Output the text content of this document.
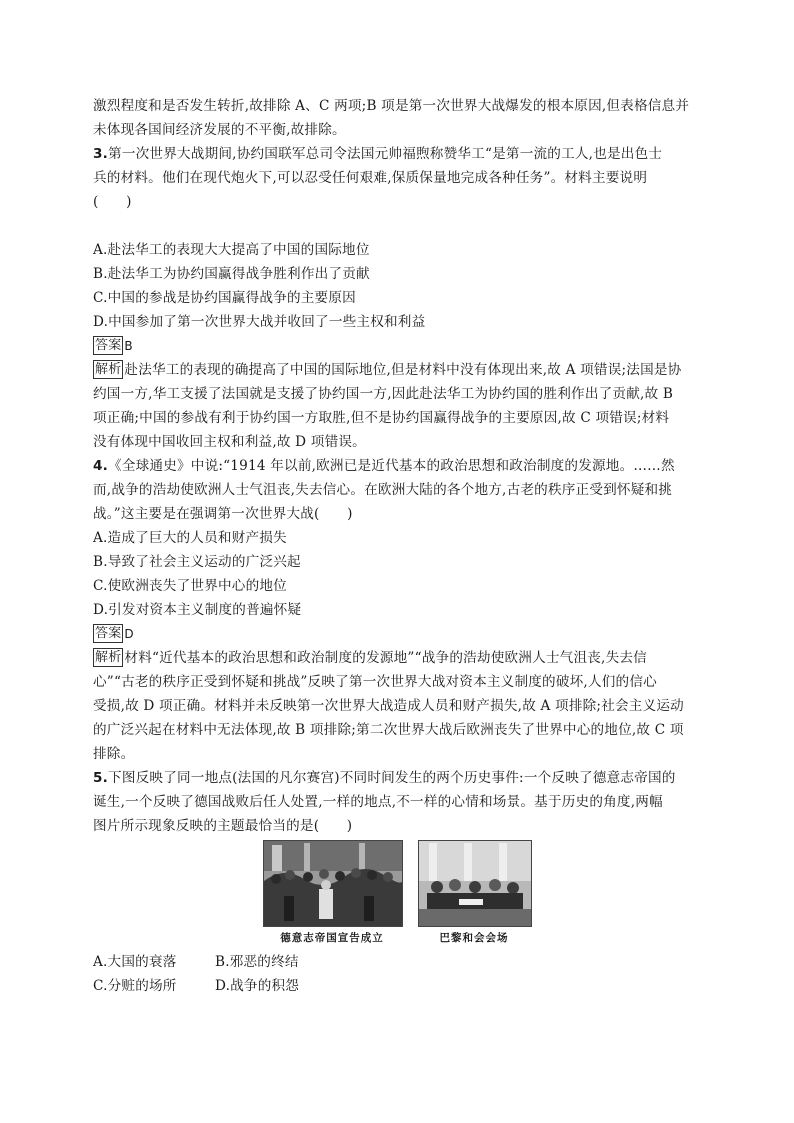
激烈程度和是否发生转折,故排除 A、C 两项;B 项是第一次世界大战爆发的根本原因,但表格信息并
未体现各国间经济发展的不平衡,故排除。
3.第一次世界大战期间,协约国联军总司令法国元帅福煦称赞华工“是第一流的工人,也是出色士
兵的材料。他们在现代炮火下,可以忍受任何艰难,保质保量地完成各种任务”。材料主要说明
(　　)
A.赴法华工的表现大大提高了中国的国际地位
B.赴法华工为协约国赢得战争胜利作出了贡献
C.中国的参战是协约国赢得战争的主要原因
D.中国参加了第一次世界大战并收回了一些主权和利益
答案 B
解析 赴法华工的表现的确提高了中国的国际地位,但是材料中没有体现出来,故 A 项错误;法国是协
约国一方,华工支援了法国就是支援了协约国一方,因此赴法华工为协约国的胜利作出了贡献,故 B
项正确;中国的参战有利于协约国一方取胜,但不是协约国赢得战争的主要原因,故 C 项错误;材料
没有体现中国收回主权和利益,故 D 项错误。
4.《全球通史》中说:“1914 年以前,欧洲已是近代基本的政治思想和政治制度的发源地。……然
而,战争的浩劫使欧洲人士气沮丧,失去信心。在欧洲大陆的各个地方,古老的秩序正受到怀疑和挑
战。”这主要是在强调第一次世界大战(　　)
A.造成了巨大的人员和财产损失
B.导致了社会主义运动的广泛兴起
C.使欧洲丧失了世界中心的地位
D.引发对资本主义制度的普遍怀疑
答案 D
解析 材料“近代基本的政治思想和政治制度的发源地”“战争的浩劫使欧洲人士气沮丧,失去信
心”“古老的秩序正受到怀疑和挑战”反映了第一次世界大战对资本主义制度的破坏,人们的信心
受损,故 D 项正确。材料并未反映第一次世界大战造成人员和财产损失,故 A 项排除;社会主义运动
的广泛兴起在材料中无法体现,故 B 项排除;第二次世界大战后欧洲丧失了世界中心的地位,故 C 项
排除。
5.下图反映了同一地点(法国的凡尔赛宫)不同时间发生的两个历史事件:一个反映了德意志帝国的
诞生,一个反映了德国战败后任人处置,一样的地点,不一样的心情和场景。基于历史的角度,两幅
图片所示现象反映的主题最恰当的是(　　)
德意志帝国宣告成立	巴黎和会会场
A.大国的衰落	B.邪恶的终结
C.分赃的场所	D.战争的积怨
